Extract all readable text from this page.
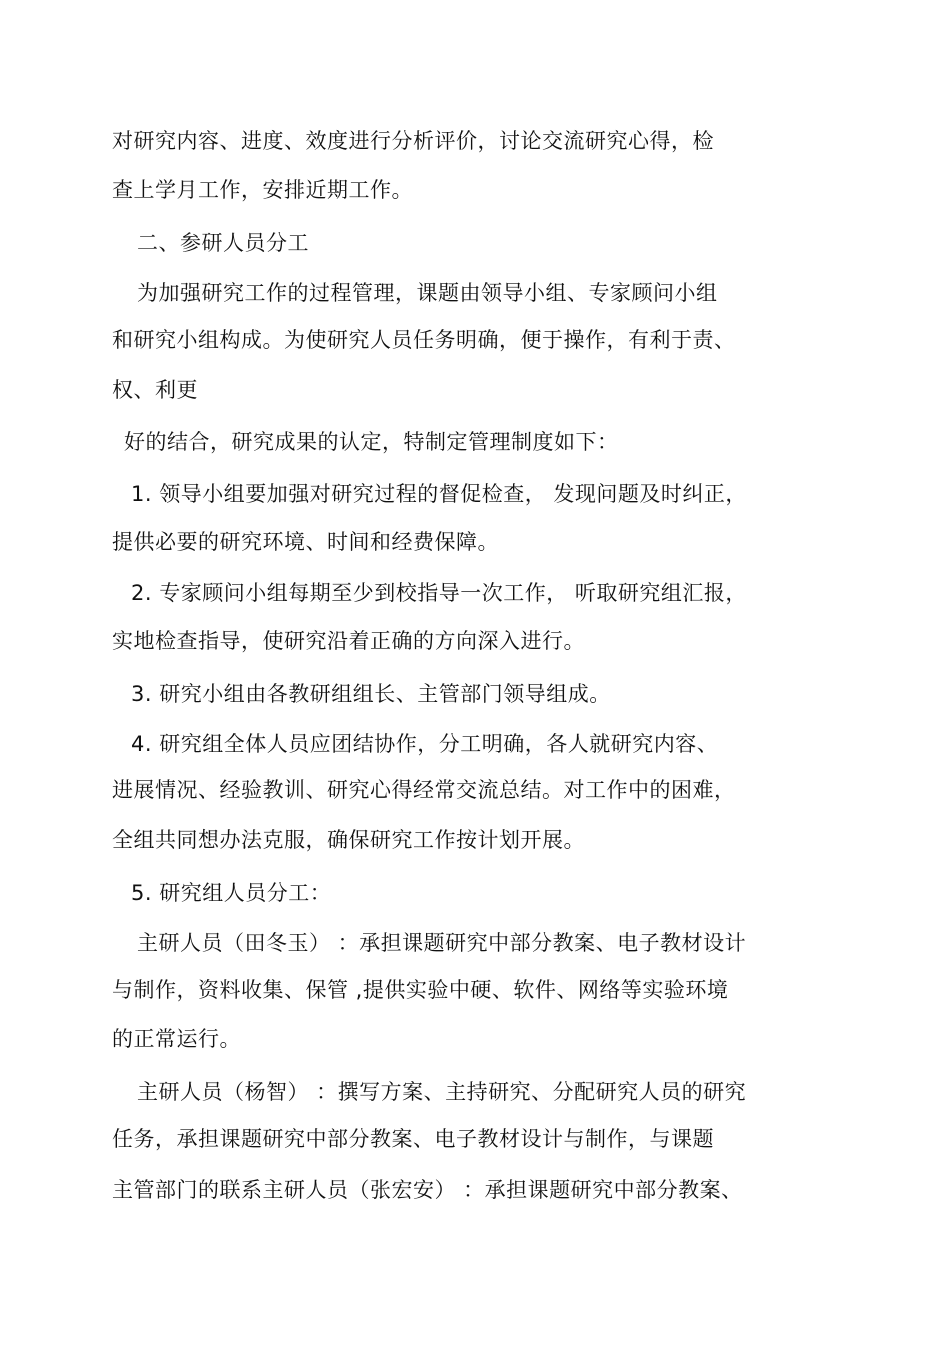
对研究内容、进度、效度进行分析评价，讨论交流研究心得，检
查上学月工作，安排近期工作。
二、参研人员分工
为加强研究工作的过程管理，课题由领导小组、专家顾问小组
和研究小组构成。为使研究人员任务明确，便于操作，有利于责、
权、利更
好的结合，研究成果的认定，特制定管理制度如下：
1. 领导小组要加强对研究过程的督促检查， 发现问题及时纠正，
提供必要的研究环境、时间和经费保障。
2. 专家顾问小组每期至少到校指导一次工作， 听取研究组汇报，
实地检查指导，使研究沿着正确的方向深入进行。
3. 研究小组由各教研组组长、主管部门领导组成。
4. 研究组全体人员应团结协作，分工明确，各人就研究内容、
进展情况、经验教训、研究心得经常交流总结。对工作中的困难，
全组共同想办法克服，确保研究工作按计划开展。
5. 研究组人员分工：
主研人员（田冬玉） ：承担课题研究中部分教案、电子教材设计
与制作，资料收集、保管 ,提供实验中硬、软件、网络等实验环境
的正常运行。
主研人员（杨智） ：撰写方案、主持研究、分配研究人员的研究
任务，承担课题研究中部分教案、电子教材设计与制作，与课题
主管部门的联系主研人员（张宏安） ：承担课题研究中部分教案、
